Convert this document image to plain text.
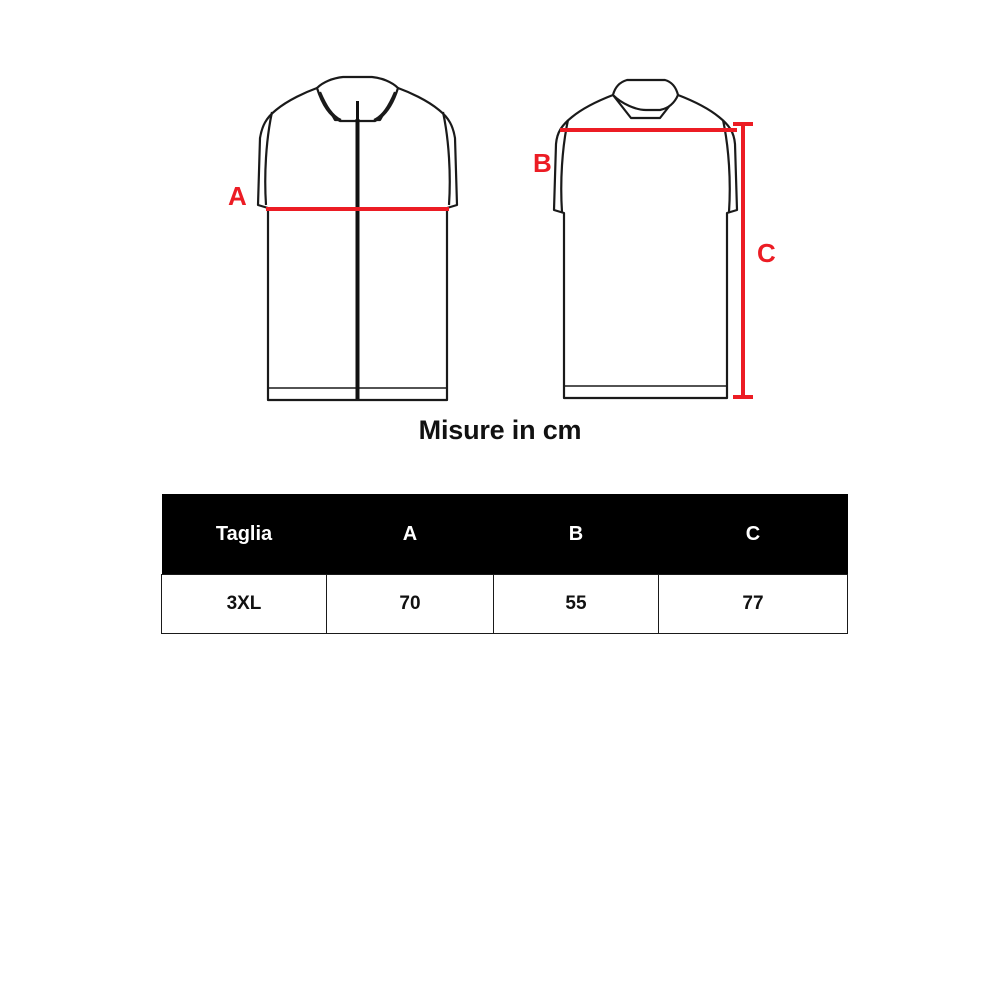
A
B
C
Misure in cm
Taglia	A	B	C
3XL	70	55	77
